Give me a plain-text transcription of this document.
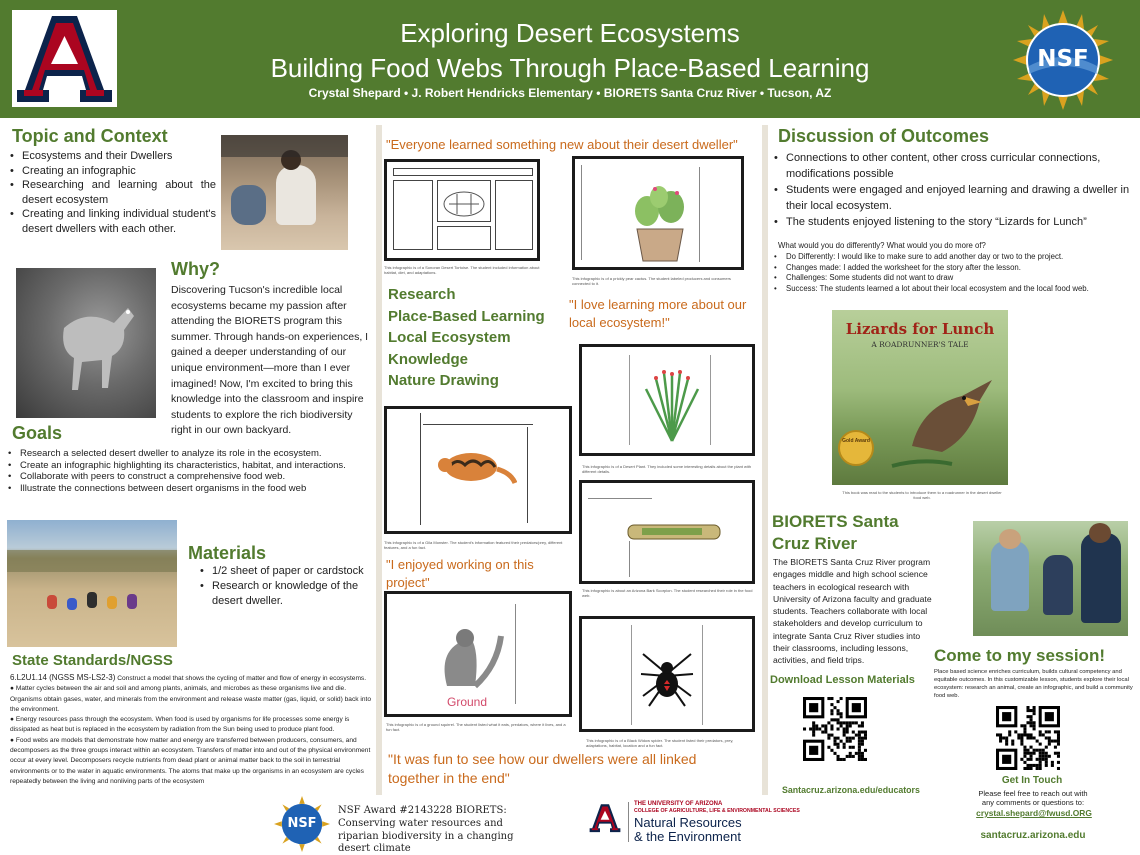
Exploring Desert Ecosystems
Building Food Webs Through Place-Based Learning
Crystal Shepard • J. Robert Hendricks Elementary • BIORETS Santa Cruz River • Tucson, AZ
NSF
Topic and Context
• Ecosystems and their Dwellers
• Creating an infographic
• Researching and learning about the desert ecosystem
• Creating and linking individual student's desert dwellers with each other.
Why?
Discovering Tucson's incredible local ecosystems became my passion after attending the BIORETS program this summer. Through hands-on experiences, I gained a deeper understanding of our unique environment—more than I ever imagined! Now, I'm excited to bring this knowledge into the classroom and inspire students to explore the rich biodiversity right in our own backyard.
Goals
• Research a selected desert dweller to analyze its role in the ecosystem.
• Create an infographic highlighting its characteristics, habitat, and interactions.
• Collaborate with peers to construct a comprehensive food web.
• Illustrate the connections between desert organisms in the food web
Materials
• 1/2 sheet of paper or cardstock
• Research or knowledge of the desert dweller.
State Standards/NGSS
6.L2U1.14 (NGSS MS-LS2-3) Construct a model that shows the cycling of matter and flow of energy in ecosystems.
● Matter cycles between the air and soil and among plants, animals, and microbes as these organisms live and die. Organisms obtain gases, water, and minerals from the environment and release waste matter (gas, liquid, or solid) back into the environment.
● Energy resources pass through the ecosystem. When food is used by organisms for life processes some energy is dissipated as heat but is replaced in the ecosystem by radiation from the Sun being used to produce plant food.
● Food webs are models that demonstrate how matter and energy are transferred between producers, consumers, and decomposers as the three groups interact within an ecosystem. Transfers of matter into and out of the physical environment occur at every level. Decomposers recycle nutrients from dead plant or animal matter back to the soil in terrestrial environments or to the water in aquatic environments. The atoms that make up the organisms in an ecosystem are cycles repeatedly between the living and nonliving parts of the ecosystem
"Everyone learned something new about their desert dweller"
This infographic is of a Sonoran Desert Tortoise. The student included information about habitat, diet, and adaptations.
This infographic is of a prickly pear cactus. The student labeled producers and consumers connected to it.
Research
Place-Based Learning
Local Ecosystem
Knowledge
Nature Drawing
"I love learning more about our local ecosystem!"
This infographic is of a Gila Monster. The student's information featured their predators/prey, different features, and a fun fact.
This infographic is of a Desert Plant. They included some interesting details about the plant with different details.
This infographic is about an Arizona Bark Scorpion. The student researched their role in the food web.
"I enjoyed working on this project"
Ground
This infographic is of a ground squirrel. The student listed what it eats, predators, where it lives, and a fun fact.
This infographic is of a Black Widow spider. The student listed their predators, prey, adaptations, habitat, location and a fun fact.
"It was fun to see how our dwellers were all linked together in the end"
Discussion of Outcomes
• Connections to other content, other cross curricular connections, modifications possible
• Students were engaged and enjoyed learning and drawing a dweller in their local ecosystem.
• The students enjoyed listening to the story “Lizards for Lunch”
What would you do differently? What would you do more of?
• Do Differently: I would like to make sure to add another day or two to the project.
• Changes made: I added the worksheet for the story after the lesson.
• Challenges: Some students did not want to draw
• Success: The students learned a lot about their local ecosystem and the local food web.
Lizards for Lunch
A ROADRUNNER'S TALE
Gold Award
This book was read to the students to introduce them to a roadrunner in the desert dweller food web.
BIORETS Santa Cruz River
The BIORETS Santa Cruz River program engages middle and high school science teachers in ecological research with University of Arizona faculty and graduate students. Teachers collaborate with local stakeholders and develop curriculum to integrate Santa Cruz River studies into their classrooms, including lessons, activities, and field trips.	Come to my session!
Place based science enriches curriculum, builds cultural competency and equitable outcomes. In this customizable lesson, students explore their local ecosystem: research an animal, create an infographic, and build a community food web.
Download Lesson Materials
Santacruz.arizona.edu/educators
Get In Touch
Please feel free to reach out with any comments or questions to:
crystal.shepard@fwusd.ORG
santacruz.arizona.edu
NSF
NSF Award #2143228 BIORETS: Conserving water resources and riparian biodiversity in a changing desert climate
THE UNIVERSITY OF ARIZONA
COLLEGE OF AGRICULTURE, LIFE & ENVIRONMENTAL SCIENCES
Natural Resources
& the Environment
